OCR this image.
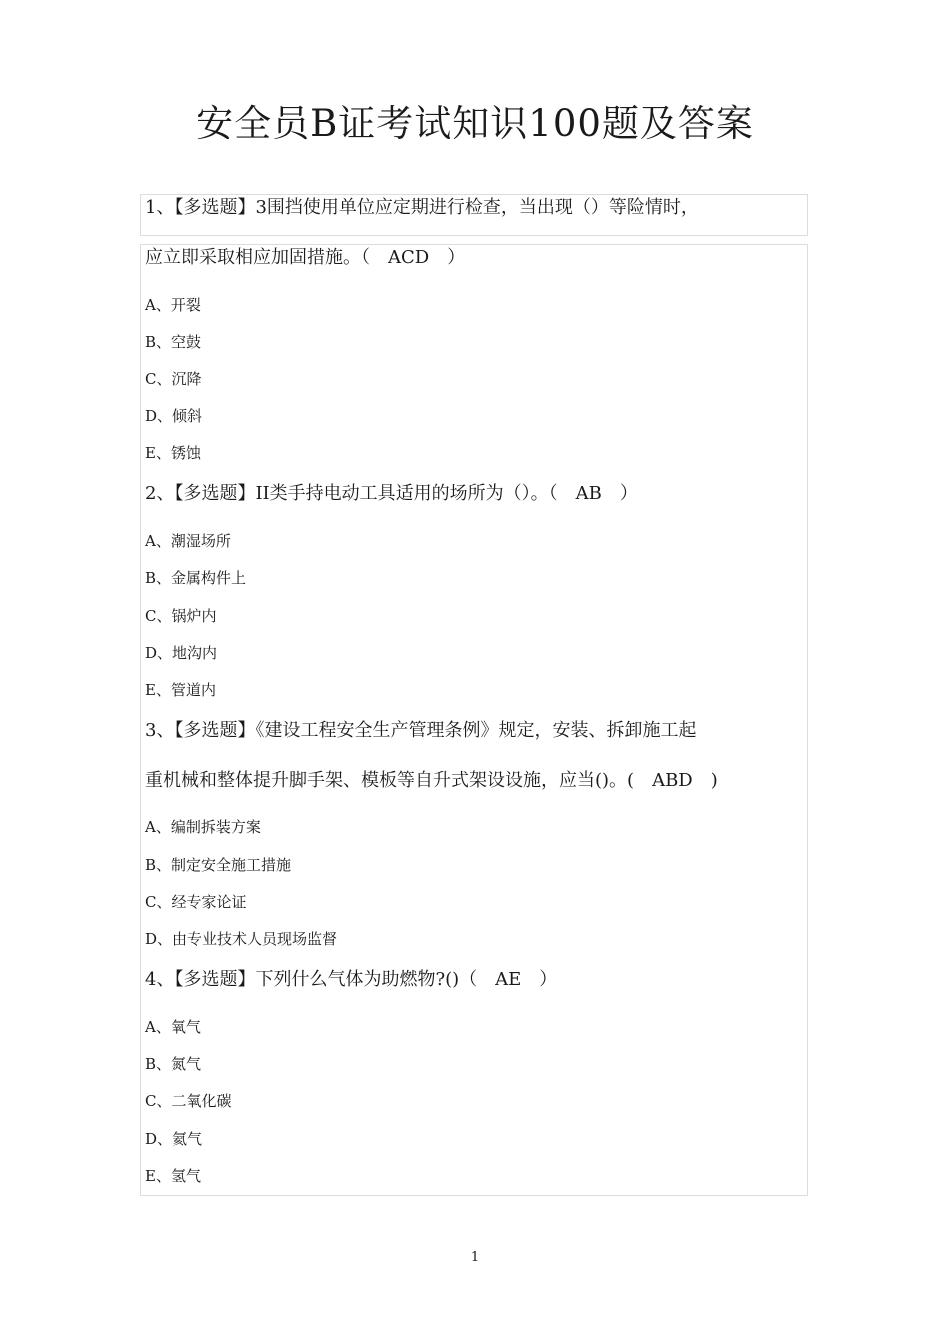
安全员B证考试知识100题及答案
1、【多选题】3围挡使用单位应定期进行检查，当出现（）等险情时，
应立即采取相应加固措施。（　ACD　）
A、开裂
B、空鼓
C、沉降
D、倾斜
E、锈蚀
2、【多选题】II类手持电动工具适用的场所为（）。（　AB　）
A、潮湿场所
B、金属构件上
C、锅炉内
D、地沟内
E、管道内
3、【多选题】《建设工程安全生产管理条例》规定，安装、拆卸施工起
重机械和整体提升脚手架、模板等自升式架设设施，应当()。(　ABD　)
A、编制拆装方案
B、制定安全施工措施
C、经专家论证
D、由专业技术人员现场监督
4、【多选题】下列什么气体为助燃物?()（　AE　）
A、氧气
B、氮气
C、二氧化碳
D、氦气
E、氢气
1
